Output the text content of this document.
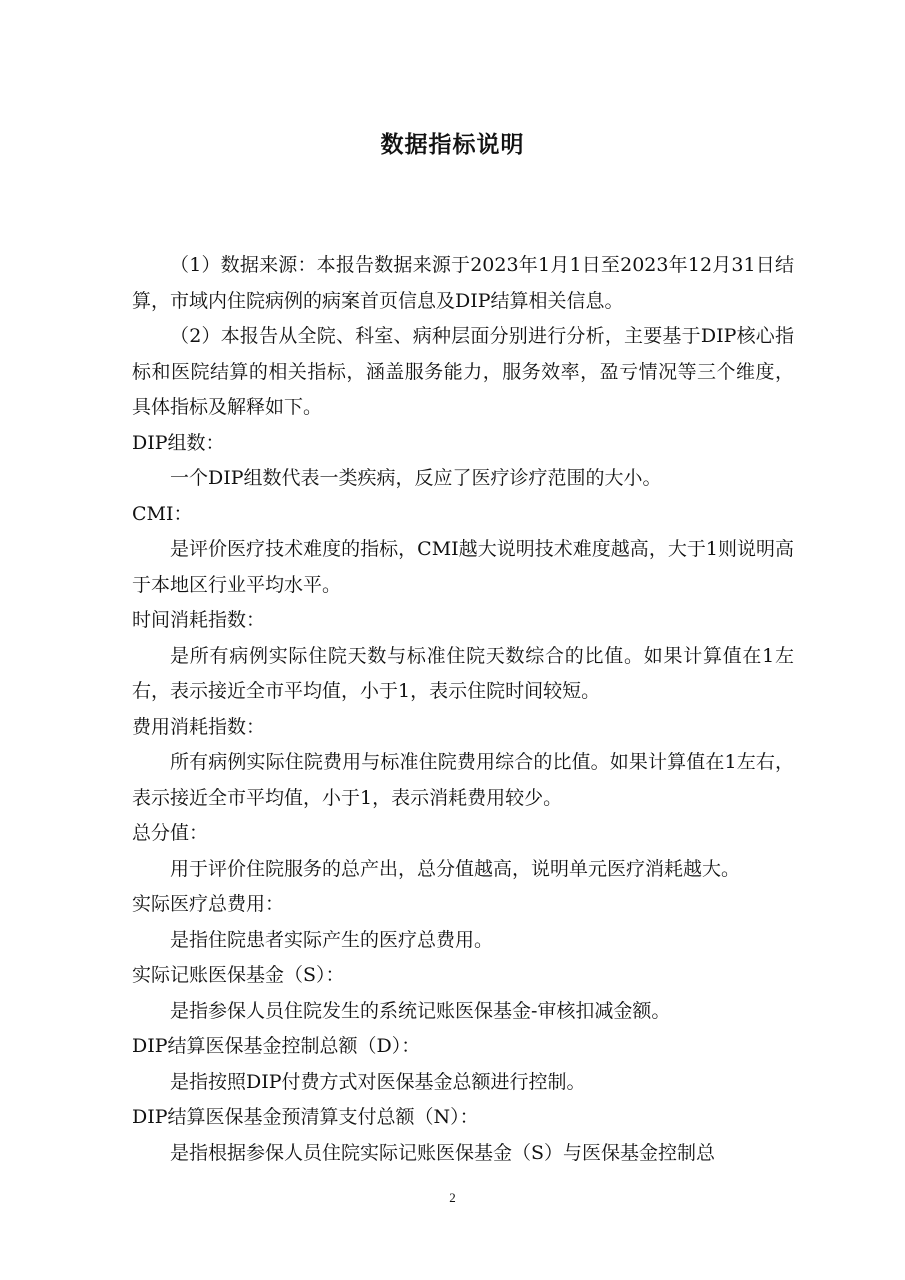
数据指标说明

（1）数据来源：本报告数据来源于2023年1月1日至2023年12月31日结算，市域内住院病例的病案首页信息及DIP结算相关信息。

（2）本报告从全院、科室、病种层面分别进行分析，主要基于DIP核心指标和医院结算的相关指标，涵盖服务能力，服务效率，盈亏情况等三个维度，具体指标及解释如下。

DIP组数：

一个DIP组数代表一类疾病，反应了医疗诊疗范围的大小。

CMI：

是评价医疗技术难度的指标，CMI越大说明技术难度越高，大于1则说明高于本地区行业平均水平。

时间消耗指数：

是所有病例实际住院天数与标准住院天数综合的比值。如果计算值在1左右，表示接近全市平均值，小于1，表示住院时间较短。

费用消耗指数：

所有病例实际住院费用与标准住院费用综合的比值。如果计算值在1左右，表示接近全市平均值，小于1，表示消耗费用较少。

总分值：

用于评价住院服务的总产出，总分值越高，说明单元医疗消耗越大。

实际医疗总费用：

是指住院患者实际产生的医疗总费用。

实际记账医保基金（S）：

是指参保人员住院发生的系统记账医保基金-审核扣减金额。

DIP结算医保基金控制总额（D）：

是指按照DIP付费方式对医保基金总额进行控制。

DIP结算医保基金预清算支付总额（N）：

是指根据参保人员住院实际记账医保基金（S）与医保基金控制总

2
